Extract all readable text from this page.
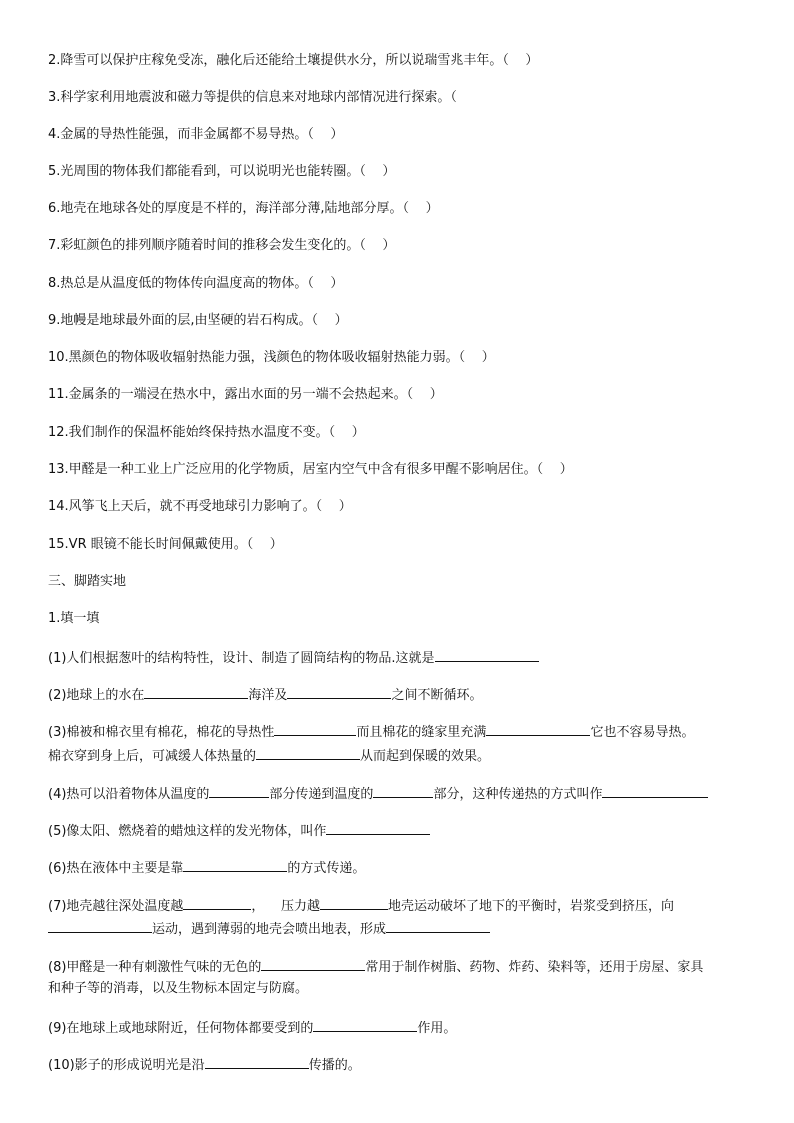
2.降雪可以保护庄稼免受冻，融化后还能给土壤提供水分，所以说瑞雪兆丰年。（    ）

3.科学家利用地震波和磁力等提供的信息来对地球内部情况进行探索。（

4.金属的导热性能强，而非金属都不易导热。（    ）

5.光周围的物体我们都能看到，可以说明光也能转圈。（    ）

6.地壳在地球各处的厚度是不样的，海洋部分薄,陆地部分厚。（    ）

7.彩虹颜色的排列顺序随着时间的推移会发生变化的。（    ）

8.热总是从温度低的物体传向温度高的物体。（    ）

9.地幔是地球最外面的层,由坚硬的岩石构成。（    ）

10.黑颜色的物体吸收辐射热能力强，浅颜色的物体吸收辐射热能力弱。（    ）

11.金属条的一端浸在热水中，露出水面的另一端不会热起来。（    ）

12.我们制作的保温杯能始终保持热水温度不变。（    ）

13.甲醛是一种工业上广泛应用的化学物质，居室内空气中含有很多甲醒不影响居住。（    ）

14.风筝飞上天后，就不再受地球引力影响了。（    ）

15.VR 眼镜不能长时间佩戴使用。（    ）

三、脚踏实地

1.填一填

(1)人们根据葱叶的结构特性，设计、制造了圆筒结构的物品.这就是

(2)地球上的水在	海洋及	之间不断循环。

(3)棉被和棉衣里有棉花，棉花的导热性	而且棉花的缝家里充满	它也不容易导热。

棉衣穿到身上后，可减缓人体热量的	从而起到保暖的效果。

(4)热可以沿着物体从温度的	部分传递到温度的	部分，这种传递热的方式叫作

(5)像太阳、燃烧着的蜡烛这样的发光物体，叫作

(6)热在液体中主要是靠	的方式传递。

(7)地壳越往深处温度越	，    压力越	地壳运动破坏了地下的平衡时，岩浆受到挤压，向

运动，遇到薄弱的地壳会喷出地表，形成

(8)甲醛是一种有刺激性气味的无色的	常用于制作树脂、药物、炸药、染料等，还用于房屋、家具

和种子等的消毒，以及生物标本固定与防腐。

(9)在地球上或地球附近，任何物体都要受到的	作用。

(10)影子的形成说明光是沿	传播的。
